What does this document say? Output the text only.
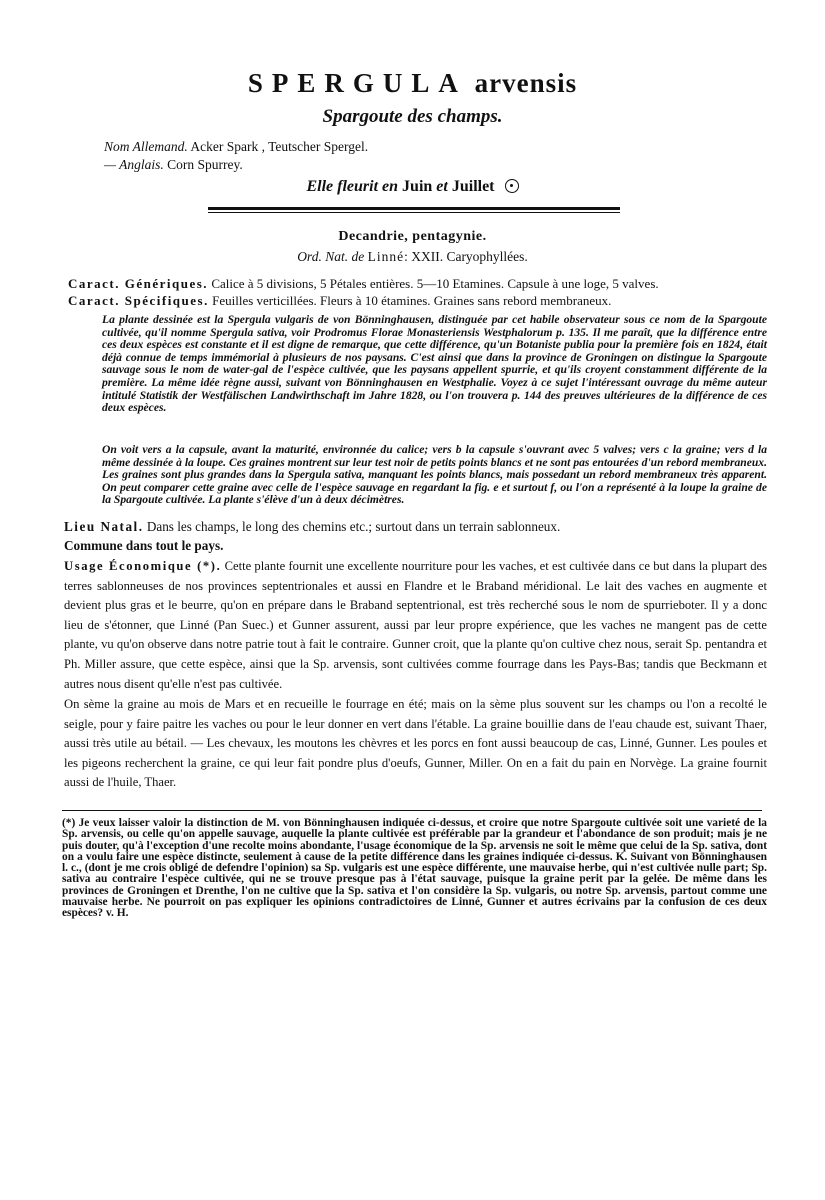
SPERGULA arvensis
Spargoute des champs.
Nom Allemand. Acker Spark , Teutscher Spergel.
— Anglais. Corn Spurrey.
Elle fleurit en Juin et Juillet
Decandrie, pentagynie.
Ord. Nat. de Linné: XXII. Caryophyllées.
Caract. Génériques. Calice à 5 divisions, 5 Pétales entières. 5—10 Etamines. Capsule à une loge, 5 valves.
Caract. Spécifiques. Feuilles verticillées. Fleurs à 10 étamines. Graines sans rebord membraneux.
La plante dessinée est la Spergula vulgaris de von Bönninghausen, distinguée par cet habile observateur sous ce nom de la Spargoute cultivée, qu'il nomme Spergula sativa, voir Prodromus Florae Monasteriensis Westphalorum p. 135. Il me paraît, que la différence entre ces deux espèces est constante et il est digne de remarque, que cette différence, qu'un Botaniste publia pour la première fois en 1824, était déjà connue de temps immémorial à plusieurs de nos paysans. C'est ainsi que dans la province de Groningen on distingue la Spargoute sauvage sous le nom de water-gal de l'espèce cultivée, que les paysans appellent spurrie, et qu'ils croyent constamment différente de la première. La même idée règne aussi, suivant von Bönninghausen en Westphalie. Voyez à ce sujet l'intéressant ouvrage du même auteur intitulé Statistik der Westfälischen Landwirthschaft im Jahre 1828, ou l'on trouvera p. 144 des preuves ultérieures de la différence de ces deux espèces.
On voit vers a la capsule, avant la maturité, environnée du calice; vers b la capsule s'ouvrant avec 5 valves; vers c la graine; vers d la même dessinée à la loupe. Ces graines montrent sur leur test noir de petits points blancs et ne sont pas entourées d'un rebord membraneux. Les graines sont plus grandes dans la Spergula sativa, manquant les points blancs, mais possedant un rebord membraneux très apparent. On peut comparer cette graine avec celle de l'espèce sauvage en regardant la fig. e et surtout f, ou l'on a représenté à la loupe la graine de la Spargoute cultivée. La plante s'élève d'un à deux décimètres.
Lieu Natal. Dans les champs, le long des chemins etc.; surtout dans un terrain sablonneux.
Commune dans tout le pays.
Usage Économique (*). Cette plante fournit une excellente nourriture pour les vaches, et est cultivée dans ce but dans la plupart des terres sablonneuses de nos provinces septentrionales et aussi en Flandre et le Braband méridional. Le lait des vaches en augmente et devient plus gras et le beurre, qu'on en prépare dans le Braband septentrional, est très recherché sous le nom de spurrieboter. Il y a donc lieu de s'étonner, que Linné (Pan Suec.) et Gunner assurent, aussi par leur propre expérience, que les vaches ne mangent pas de cette plante, vu qu'on observe dans notre patrie tout à fait le contraire. Gunner croit, que la plante qu'on cultive chez nous, serait Sp. pentandra et Ph. Miller assure, que cette espèce, ainsi que la Sp. arvensis, sont cultivées comme fourrage dans les Pays-Bas; tandis que Beckmann et autres nous disent qu'elle n'est pas cultivée.
On sème la graine au mois de Mars et en recueille le fourrage en été; mais on la sème plus souvent sur les champs ou l'on a recolté le seigle, pour y faire paitre les vaches ou pour le leur donner en vert dans l'étable. La graine bouillie dans de l'eau chaude est, suivant Thaer, aussi très utile au bétail. — Les chevaux, les moutons les chèvres et les porcs en font aussi beaucoup de cas, Linné, Gunner. Les poules et les pigeons recherchent la graine, ce qui leur fait pondre plus d'oeufs, Gunner, Miller. On en a fait du pain en Norvège. La graine fournit aussi de l'huile, Thaer.
(*) Je veux laisser valoir la distinction de M. von Bönninghausen indiquée ci-dessus, et croire que notre Spargoute cultivée soit une varieté de la Sp. arvensis, ou celle qu'on appelle sauvage, auquelle la plante cultivée est préférable par la grandeur et l'abondance de son produit; mais je ne puis douter, qu'à l'exception d'une recolte moins abondante, l'usage économique de la Sp. arvensis ne soit le même que celui de la Sp. sativa, dont on a voulu faire une espèce distincte, seulement à cause de la petite différence dans les graines indiquée ci-dessus. K. Suivant von Bönninghausen l. c., (dont je me crois obligé de defendre l'opinion) sa Sp. vulgaris est une espèce différente, une mauvaise herbe, qui n'est cultivée nulle part; Sp. sativa au contraire l'espèce cultivée, qui ne se trouve presque pas à l'état sauvage, puisque la graine perit par la gelée. De même dans les provinces de Groningen et Drenthe, l'on ne cultive que la Sp. sativa et l'on considère la Sp. vulgaris, ou notre Sp. arvensis, partout comme une mauvaise herbe. Ne pourroit on pas expliquer les opinions contradictoires de Linné, Gunner et autres écrivains par la confusion de ces deux espèces? v. H.
